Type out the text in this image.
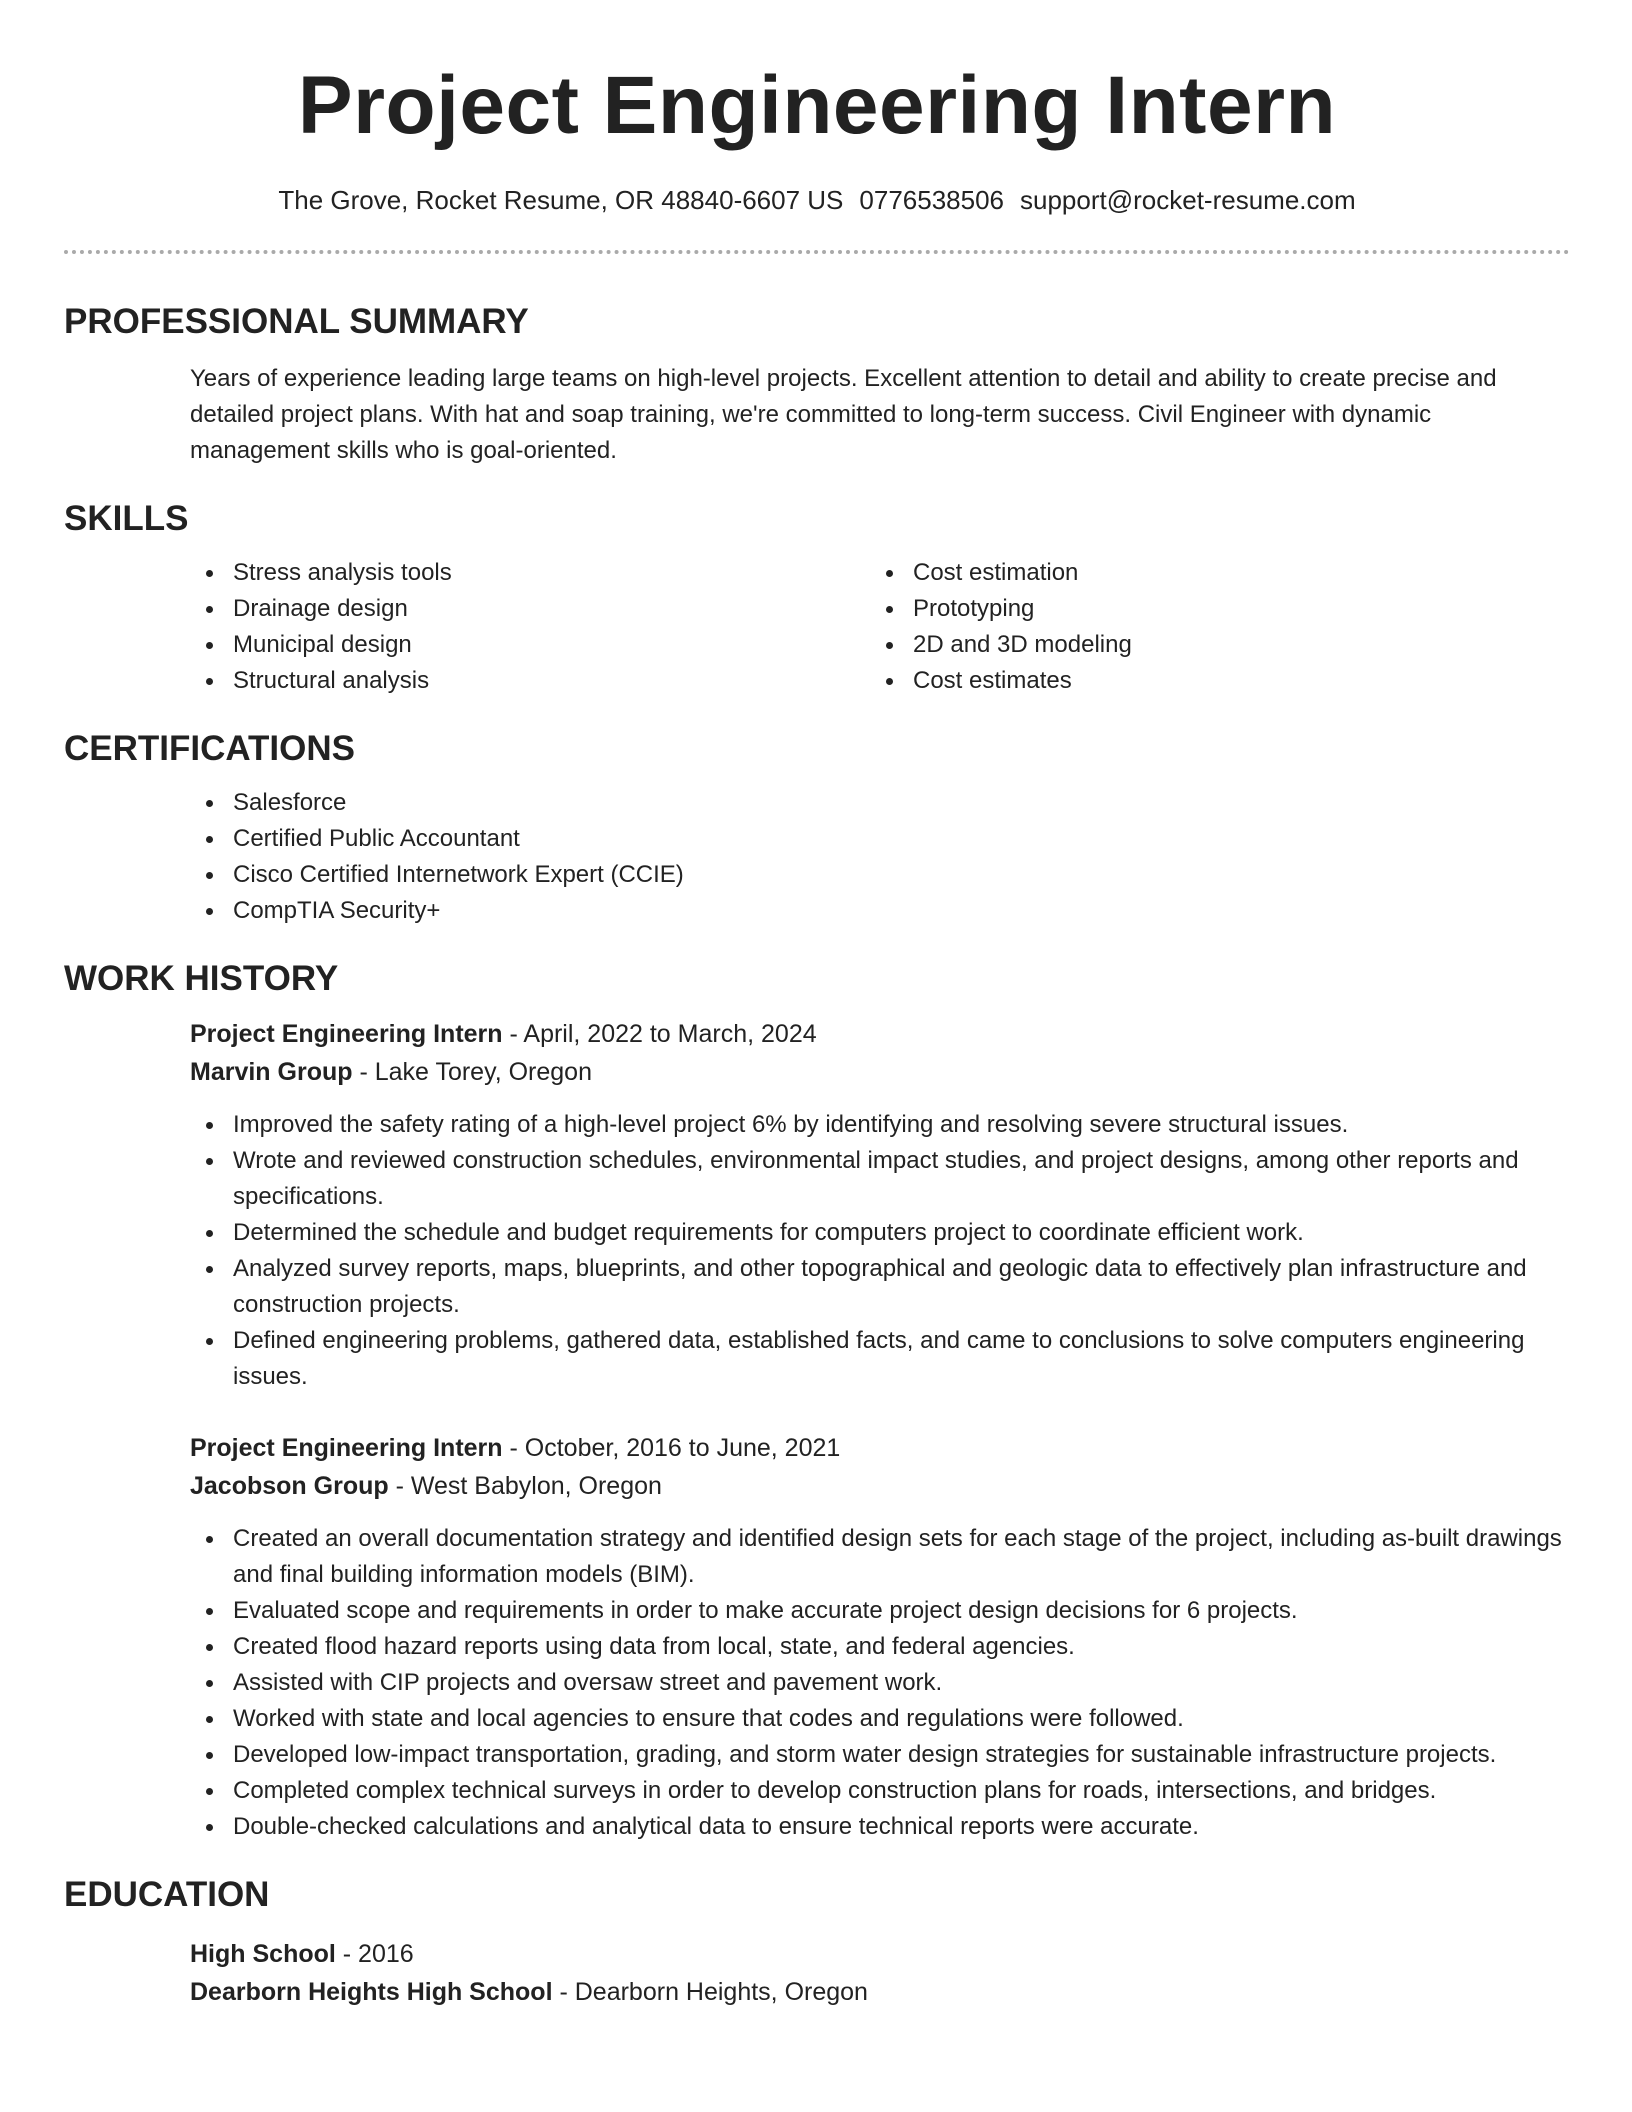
Project Engineering Intern
The Grove, Rocket Resume, OR 48840-6607 US 0776538506 support@rocket-resume.com
PROFESSIONAL SUMMARY
Years of experience leading large teams on high-level projects. Excellent attention to detail and ability to create precise and detailed project plans. With hat and soap training, we're committed to long-term success. Civil Engineer with dynamic management skills who is goal-oriented.
SKILLS
Stress analysis tools
Drainage design
Municipal design
Structural analysis
Cost estimation
Prototyping
2D and 3D modeling
Cost estimates
CERTIFICATIONS
Salesforce
Certified Public Accountant
Cisco Certified Internetwork Expert (CCIE)
CompTIA Security+
WORK HISTORY
Project Engineering Intern - April, 2022 to March, 2024
Marvin Group - Lake Torey, Oregon
Improved the safety rating of a high-level project 6% by identifying and resolving severe structural issues.
Wrote and reviewed construction schedules, environmental impact studies, and project designs, among other reports and specifications.
Determined the schedule and budget requirements for computers project to coordinate efficient work.
Analyzed survey reports, maps, blueprints, and other topographical and geologic data to effectively plan infrastructure and construction projects.
Defined engineering problems, gathered data, established facts, and came to conclusions to solve computers engineering issues.
Project Engineering Intern - October, 2016 to June, 2021
Jacobson Group - West Babylon, Oregon
Created an overall documentation strategy and identified design sets for each stage of the project, including as-built drawings and final building information models (BIM).
Evaluated scope and requirements in order to make accurate project design decisions for 6 projects.
Created flood hazard reports using data from local, state, and federal agencies.
Assisted with CIP projects and oversaw street and pavement work.
Worked with state and local agencies to ensure that codes and regulations were followed.
Developed low-impact transportation, grading, and storm water design strategies for sustainable infrastructure projects.
Completed complex technical surveys in order to develop construction plans for roads, intersections, and bridges.
Double-checked calculations and analytical data to ensure technical reports were accurate.
EDUCATION
High School - 2016
Dearborn Heights High School - Dearborn Heights, Oregon
